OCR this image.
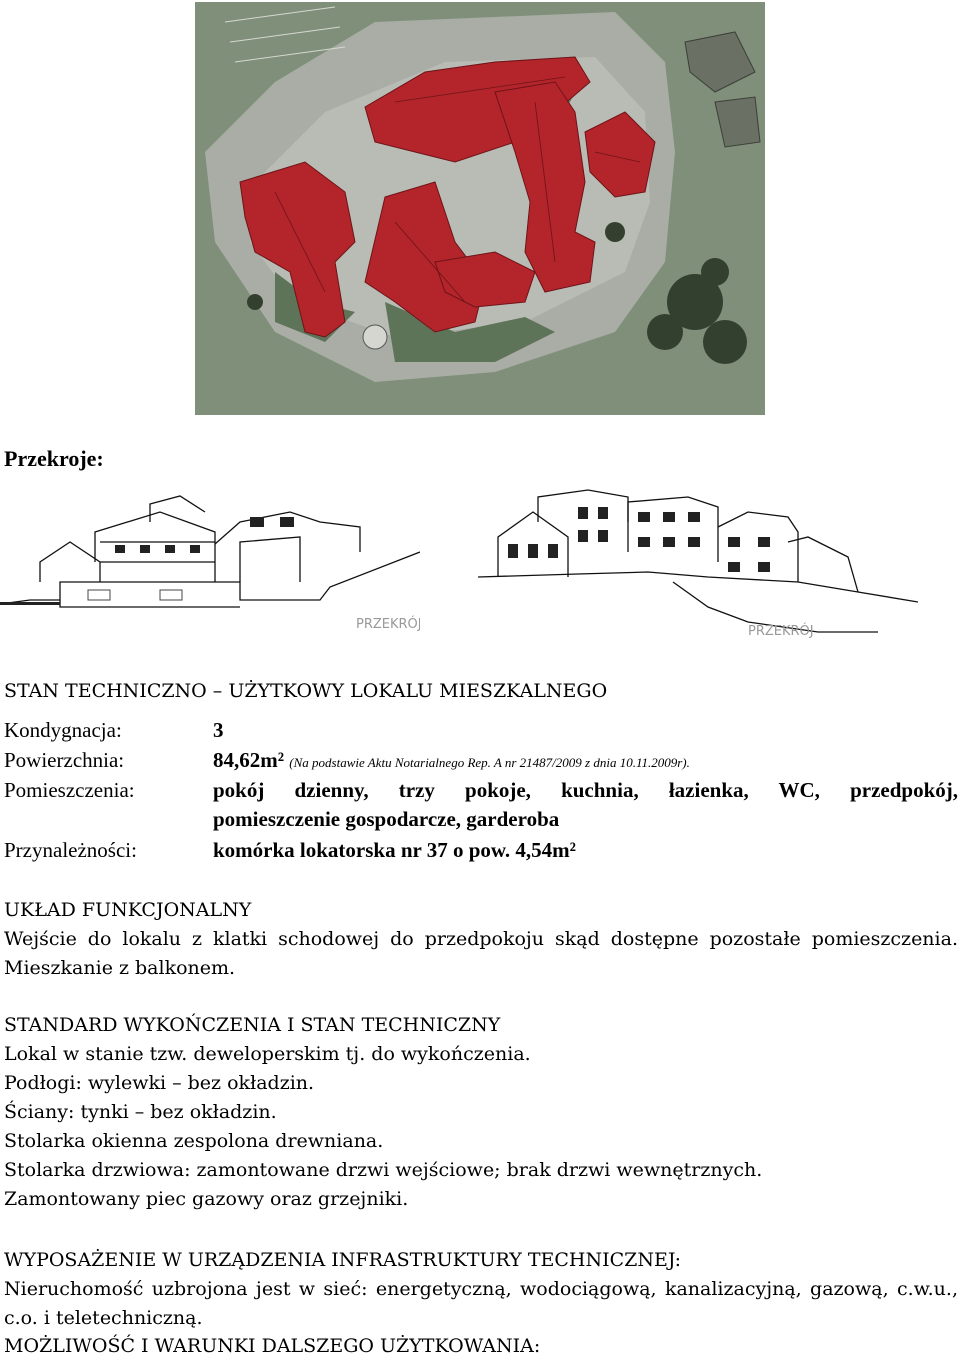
Przekroje:
PRZEKRÓJ	PRZEKRÓJ
STAN TECHNICZNO – UŻYTKOWY LOKALU MIESZKALNEGO
Kondygnacja:	3
Powierzchnia:	84,62m² (Na podstawie Aktu Notarialnego Rep. A nr 21487/2009 z dnia 10.11.2009r).
Pomieszczenia:	pokój dzienny, trzy pokoje, kuchnia, łazienka, WC, przedpokój,
pomieszczenie gospodarcze, garderoba
Przynależności:	komórka lokatorska nr 37 o pow. 4,54m²
UKŁAD FUNKCJONALNY
Wejście do lokalu z klatki schodowej do przedpokoju skąd dostępne pozostałe pomieszczenia. Mieszkanie z balkonem.
STANDARD WYKOŃCZENIA I STAN TECHNICZNY
Lokal w stanie tzw. deweloperskim tj. do wykończenia.
Podłogi: wylewki – bez okładzin.
Ściany: tynki – bez okładzin.
Stolarka okienna zespolona drewniana.
Stolarka drzwiowa: zamontowane drzwi wejściowe; brak drzwi wewnętrznych.
Zamontowany piec gazowy oraz grzejniki.
WYPOSAŻENIE W URZĄDZENIA INFRASTRUKTURY TECHNICZNEJ:
Nieruchomość uzbrojona jest w sieć: energetyczną, wodociągową, kanalizacyjną, gazową, c.w.u., c.o. i teletechniczną.
MOŻLIWOŚĆ I WARUNKI DALSZEGO UŻYTKOWANIA:
